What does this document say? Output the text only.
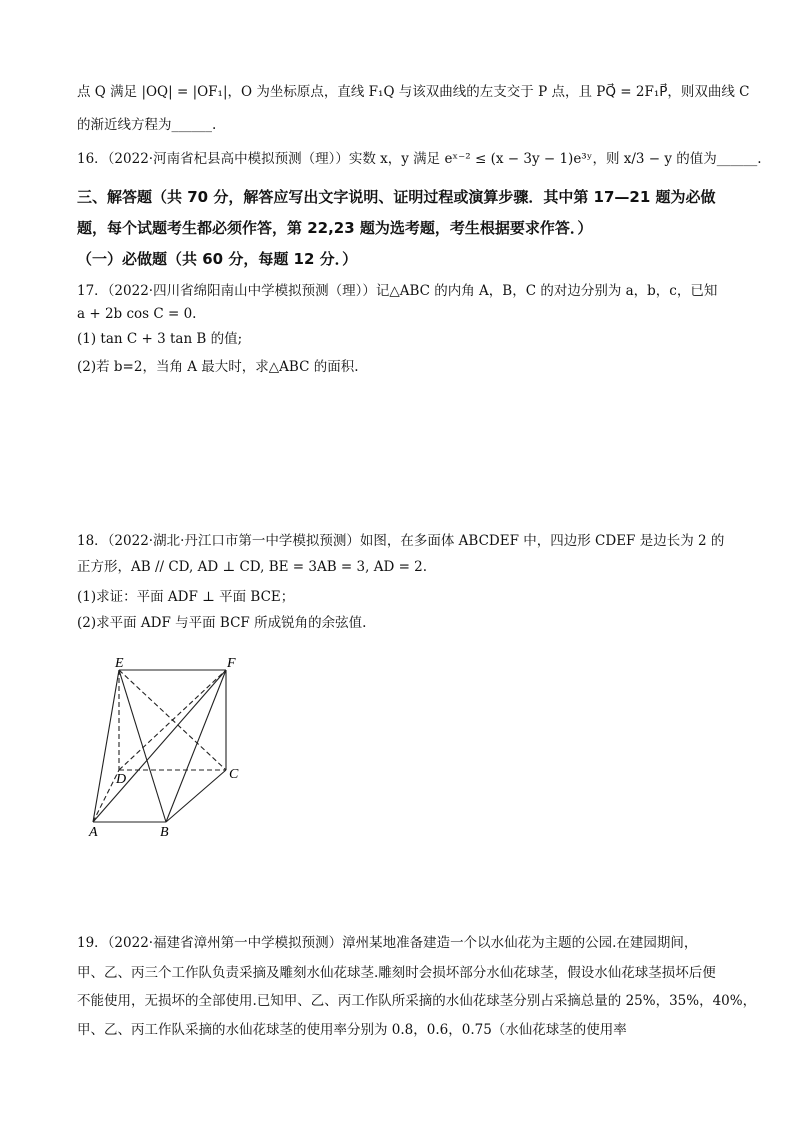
点 Q 满足 |OQ| = |OF₁|，O 为坐标原点，直线 F₁Q 与该双曲线的左支交于 P 点，且 PQ⃗ = 2F₁P⃗，则双曲线 C
的渐近线方程为______.
16．（2022·河南省杞县高中模拟预测（理））实数 x，y 满足 eˣ⁻² ≤ (x − 3y − 1)e³ʸ，则 x/3 − y 的值为______.
三、解答题（共 70 分，解答应写出文字说明、证明过程或演算步骤．其中第 17—21 题为必做
题，每个试题考生都必须作答，第 22,23 题为选考题，考生根据要求作答．）
（一）必做题（共 60 分，每题 12 分．）
17．（2022·四川省绵阳南山中学模拟预测（理））记△ABC 的内角 A，B，C 的对边分别为 a，b，c，已知
a + 2b cos C = 0.
(1) tan C + 3 tan B 的值;
(2)若 b=2，当角 A 最大时，求△ABC 的面积.
18．（2022·湖北·丹江口市第一中学模拟预测）如图，在多面体 ABCDEF 中，四边形 CDEF 是边长为 2 的
正方形，AB // CD, AD ⊥ CD, BE = 3AB = 3, AD = 2.
(1)求证：平面 ADF ⊥ 平面 BCE；
(2)求平面 ADF 与平面 BCF 所成锐角的余弦值.
E	F
D	C
A	B
19．（2022·福建省漳州第一中学模拟预测）漳州某地准备建造一个以水仙花为主题的公园.在建园期间，
甲、乙、丙三个工作队负责采摘及雕刻水仙花球茎.雕刻时会损坏部分水仙花球茎，假设水仙花球茎损坏后便
不能使用，无损坏的全部使用.已知甲、乙、丙工作队所采摘的水仙花球茎分别占采摘总量的 25%，35%，40%，
甲、乙、丙工作队采摘的水仙花球茎的使用率分别为 0.8，0.6，0.75（水仙花球茎的使用率
